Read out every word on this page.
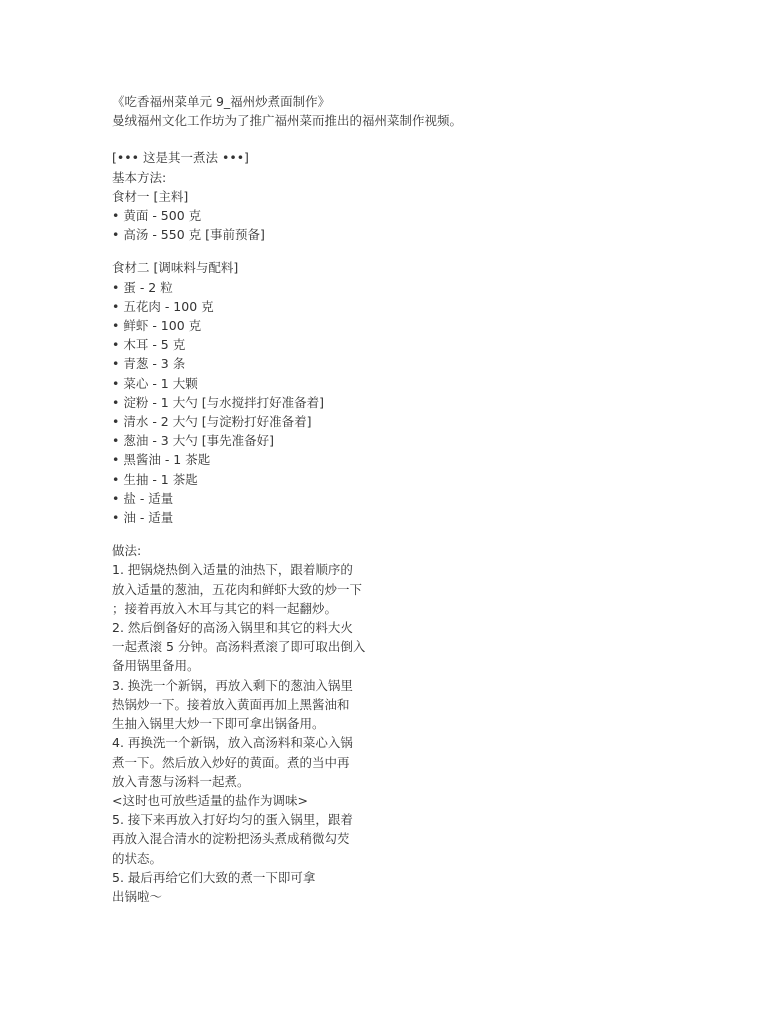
《吃香福州菜单元 9_福州炒煮面制作》
曼绒福州文化工作坊为了推广福州菜而推出的福州菜制作视频。
[••• 这是其一煮法 •••]
基本方法:
食材一 [主料]
• 黄面 - 500 克
• 高汤 - 550 克 [事前预备]
食材二 [调味料与配料]
• 蛋 - 2 粒
• 五花肉 - 100 克
• 鲜虾 - 100 克
• 木耳 - 5 克
• 青葱 - 3 条
• 菜心 - 1 大颗
• 淀粉 - 1 大勺 [与水搅拌打好准备着]
• 清水 - 2 大勺 [与淀粉打好准备着]
• 葱油 - 3 大勺 [事先准备好]
• 黑酱油 - 1 茶匙
• 生抽 - 1 茶匙
• 盐 - 适量
• 油 - 适量
做法:
1. 把锅烧热倒入适量的油热下，跟着顺序的
放入适量的葱油，五花肉和鲜虾大致的炒一下
；接着再放入木耳与其它的料一起翻炒。
2. 然后倒备好的高汤入锅里和其它的料大火
一起煮滚 5 分钟。高汤料煮滚了即可取出倒入
备用锅里备用。
3. 换洗一个新锅，再放入剩下的葱油入锅里
热锅炒一下。接着放入黄面再加上黑酱油和
生抽入锅里大炒一下即可拿出锅备用。
4. 再换洗一个新锅，放入高汤料和菜心入锅
煮一下。然后放入炒好的黄面。煮的当中再
放入青葱与汤料一起煮。
<这时也可放些适量的盐作为调味>
5. 接下来再放入打好均匀的蛋入锅里，跟着
再放入混合清水的淀粉把汤头煮成稍微勾芡
的状态。
5. 最后再给它们大致的煮一下即可拿
出锅啦～
